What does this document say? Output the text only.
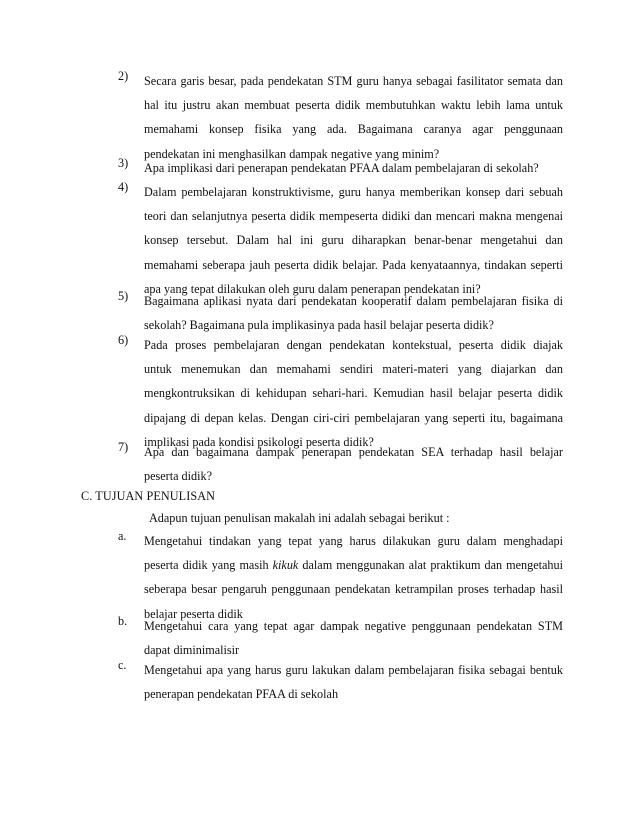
2)	Secara garis besar, pada pendekatan STM guru hanya sebagai fasilitator semata dan

hal itu justru akan membuat peserta didik membutuhkan waktu lebih lama untuk

memahami konsep fisika yang ada. Bagaimana caranya agar penggunaan

pendekatan ini menghasilkan dampak negative yang minim?

3)	Apa implikasi dari penerapan pendekatan PFAA dalam pembelajaran di sekolah?

4)	Dalam pembelajaran konstruktivisme, guru hanya memberikan konsep dari sebuah

teori dan selanjutnya peserta didik mempeserta didiki dan mencari makna mengenai

konsep tersebut. Dalam hal ini guru diharapkan benar-benar mengetahui dan

memahami seberapa jauh peserta didik belajar. Pada kenyataannya, tindakan seperti

apa yang tepat dilakukan oleh guru dalam penerapan pendekatan ini?

5)	Bagaimana aplikasi nyata dari pendekatan kooperatif dalam pembelajaran fisika di

sekolah? Bagaimana pula implikasinya pada hasil belajar peserta didik?

6)	Pada proses pembelajaran dengan pendekatan kontekstual, peserta didik diajak

untuk menemukan dan memahami sendiri materi-materi yang diajarkan dan

mengkontruksikan di kehidupan sehari-hari. Kemudian hasil belajar peserta didik

dipajang di depan kelas. Dengan ciri-ciri pembelajaran yang seperti itu, bagaimana

implikasi pada kondisi psikologi peserta didik?

7)	Apa dan bagaimana dampak penerapan pendekatan SEA terhadap hasil belajar

peserta didik?

C. TUJUAN PENULISAN
Adapun tujuan penulisan makalah ini adalah sebagai berikut :
a.	Mengetahui tindakan yang tepat yang harus dilakukan guru dalam menghadapi

peserta didik yang masih kikuk dalam menggunakan alat praktikum dan mengetahui

seberapa besar pengaruh penggunaan pendekatan ketrampilan proses terhadap hasil

belajar peserta didik

b.	Mengetahui cara yang tepat agar dampak negative penggunaan pendekatan STM

dapat diminimalisir

c.	Mengetahui apa yang harus guru lakukan dalam pembelajaran fisika sebagai bentuk

penerapan pendekatan PFAA di sekolah
